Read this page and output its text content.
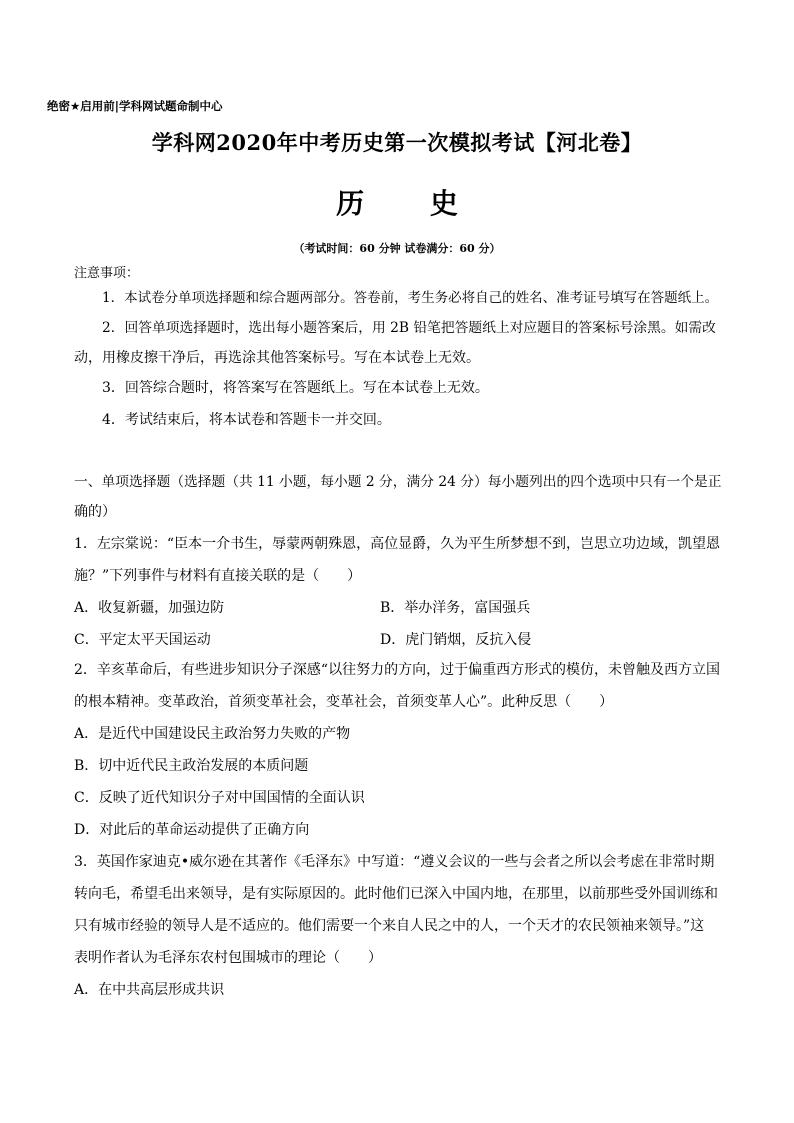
绝密★启用前|学科网试题命制中心
学科网2020年中考历史第一次模拟考试【河北卷】
历 史
（考试时间：60 分钟 试卷满分：60 分）
注意事项：
1．本试卷分单项选择题和综合题两部分。答卷前，考生务必将自己的姓名、准考证号填写在答题纸上。
2．回答单项选择题时，选出每小题答案后，用 2B 铅笔把答题纸上对应题目的答案标号涂黑。如需改
动，用橡皮擦干净后，再选涂其他答案标号。写在本试卷上无效。
3．回答综合题时，将答案写在答题纸上。写在本试卷上无效。
4．考试结束后，将本试卷和答题卡一并交回。
一、单项选择题（选择题（共 11 小题，每小题 2 分，满分 24 分）每小题列出的四个选项中只有一个是正
确的）
1．左宗棠说：“臣本一介书生，辱蒙两朝殊恩，高位显爵，久为平生所梦想不到，岂思立功边域，凯望恩
施？”下列事件与材料有直接关联的是（　　）
A．收复新疆，加强边防	B．举办洋务，富国强兵
C．平定太平天国运动	D．虎门销烟，反抗入侵
2．辛亥革命后，有些进步知识分子深感“以往努力的方向，过于偏重西方形式的模仿，未曾触及西方立国
的根本精神。变革政治，首须变革社会，变革社会，首须变革人心”。此种反思（　　）
A．是近代中国建设民主政治努力失败的产物
B．切中近代民主政治发展的本质问题
C．反映了近代知识分子对中国国情的全面认识
D．对此后的革命运动提供了正确方向
3．英国作家迪克•威尔逊在其著作《毛泽东》中写道：“遵义会议的一些与会者之所以会考虑在非常时期
转向毛，希望毛出来领导，是有实际原因的。此时他们已深入中国内地，在那里，以前那些受外国训练和
只有城市经验的领导人是不适应的。他们需要一个来自人民之中的人，一个天才的农民领袖来领导。”这
表明作者认为毛泽东农村包围城市的理论（　　）
A．在中共高层形成共识
